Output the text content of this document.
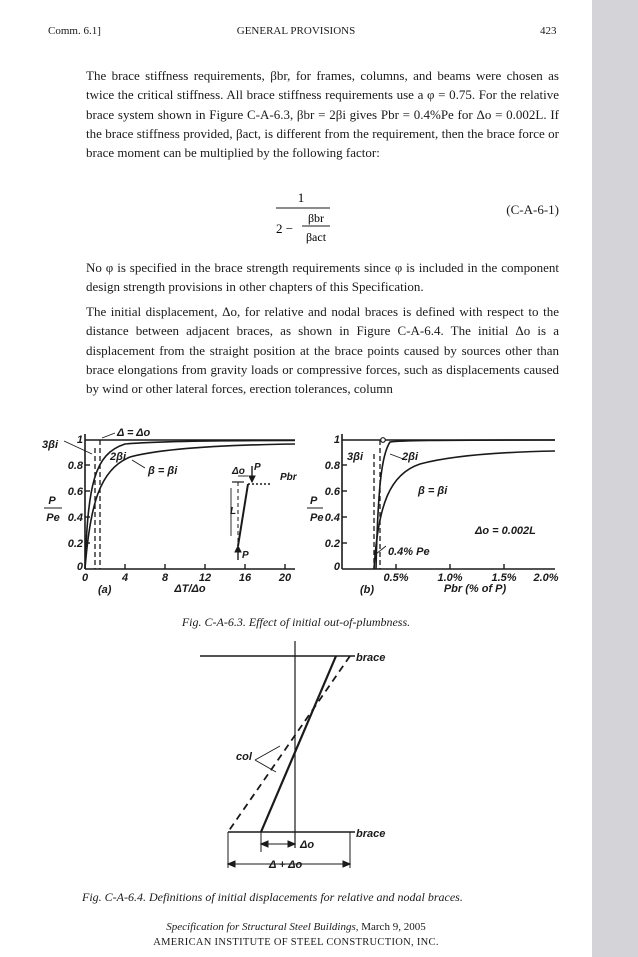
Comm. 6.1]	GENERAL PROVISIONS	423
The brace stiffness requirements, βbr, for frames, columns, and beams were chosen as twice the critical stiffness. All brace stiffness requirements use a φ = 0.75. For the relative brace system shown in Figure C-A-6.3, βbr = 2βi gives Pbr = 0.4%Pe for Δo = 0.002L. If the brace stiffness provided, βact, is different from the requirement, then the brace force or brace moment can be multiplied by the following factor:
1
2 −
βbr
βact
(C-A-6-1)
No φ is specified in the brace strength requirements since φ is included in the component design strength provisions in other chapters of this Specification.
The initial displacement, Δo, for relative and nodal braces is defined with respect to the distance between adjacent braces, as shown in Figure C-A-6.4. The initial Δo is a displacement from the straight position at the brace points caused by sources other than brace elongations from gravity loads or compressive forces, such as displacements caused by wind or other lateral forces, erection tolerances, column
0
0.2
0.4
0.6
0.8
1
0	4	8	12	16	20
P
Pe
ΔT/Δo
(a)
Δ = Δo
3βi
2βi
β = βi	Δo P
Pbr
L
P
0
0.2
0.4
0.6
0.8
1
0.5%	1.0%	1.5% 2.0%
P
Pe
Pbr (% of P)
(b)
3βi	2βi
β = βi
Δo = 0.002L
0.4% Pe
Fig. C-A-6.3. Effect of initial out-of-plumbness.
brace
brace
col
Δo
Δ + Δo
Fig. C-A-6.4. Definitions of initial displacements for relative and nodal braces.
Specification for Structural Steel Buildings, March 9, 2005
AMERICAN INSTITUTE OF STEEL CONSTRUCTION, INC.
